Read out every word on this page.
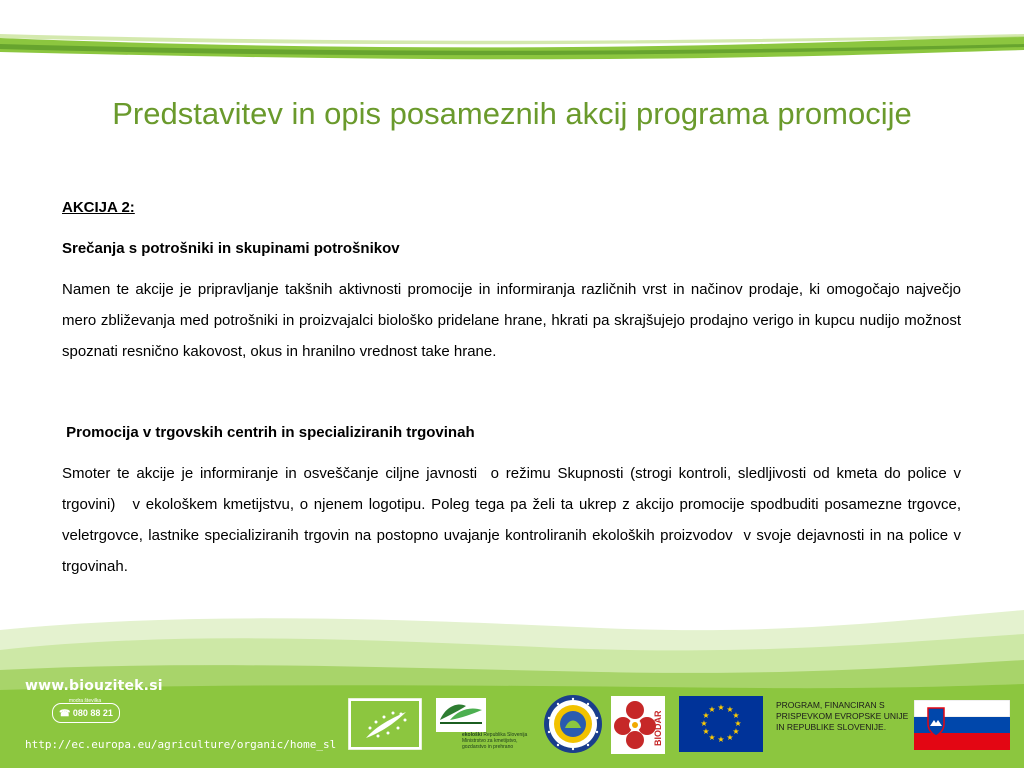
Predstavitev in opis posameznih akcij programa promocije

AKCIJA 2:

Srečanja s potrošniki in skupinami potrošnikov

Namen te akcije je pripravljanje takšnih aktivnosti promocije in informiranja različnih vrst in načinov prodaje, ki omogočajo največjo mero zbliževanja med potrošniki in proizvajalci biološko pridelane hrane, hkrati pa skrajšujejo prodajno verigo in kupcu nudijo možnost spoznati resnično kakovost, okus in hranilno vrednost take hrane.

Promocija v trgovskih centrih in specializiranih trgovinah

Smoter te akcije je informiranje in osveščanje ciljne javnosti  o režimu Skupnosti (strogi kontroli, sledljivosti od kmeta do police v trgovini)   v ekološkem kmetijstvu, o njenem logotipu. Poleg tega pa želi ta ukrep z akcijo promocije spodbuditi posamezne trgovce, veletrgovce, lastnike specializiranih trgovin na postopno uvajanje kontroliranih ekoloških proizvodov  v svoje dejavnosti in na police v   trgovinah.

www.biouzitek.si
modra številka
☎ 080 88 21
http://ec.europa.eu/agriculture/organic/home_sl
ekološki Republika Slovenija
Ministrstvo za kmetijstvo,
gozdarstvo in prehrano
BIODAR
★ ★
★
★
★
★
★
★
★
★
★
★	PROGRAM, FINANCIRAN S PRISPEVKOM EVROPSKE UNIJE IN REPUBLIKE SLOVENIJE.
